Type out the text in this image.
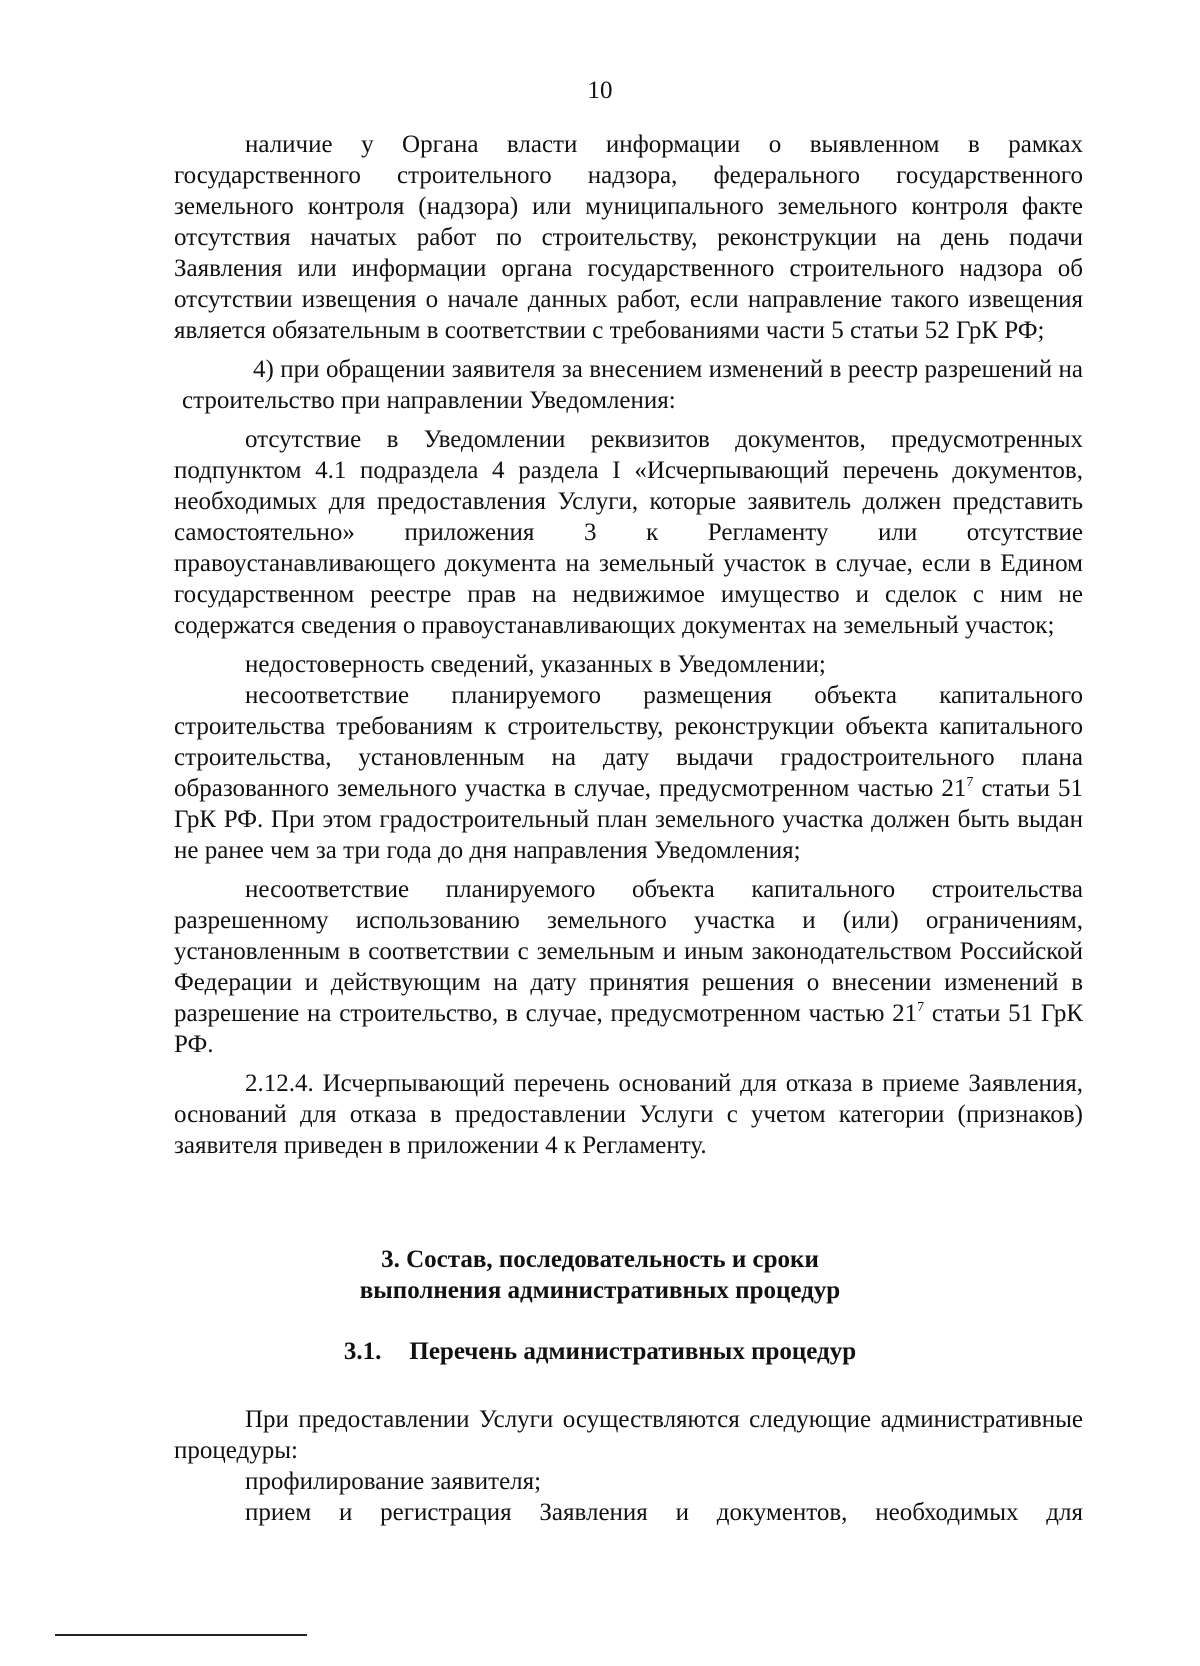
10

наличие у Органа власти информации о выявленном в рамках государственного строительного надзора, федерального государственного земельного контроля (надзора) или муниципального земельного контроля факте отсутствия начатых работ по строительству, реконструкции на день подачи Заявления или информации органа государственного строительного надзора об отсутствии извещения о начале данных работ, если направление такого извещения является обязательным в соответствии с требованиями части 5 статьи 52 ГрК РФ;

4) при обращении заявителя за внесением изменений в реестр разрешений на строительство при направлении Уведомления:

отсутствие в Уведомлении реквизитов документов, предусмотренных подпунктом 4.1 подраздела 4 раздела I «Исчерпывающий перечень документов, необходимых для предоставления Услуги, которые заявитель должен представить самостоятельно» приложения 3 к Регламенту или отсутствие правоустанавливающего документа на земельный участок в случае, если в Едином государственном реестре прав на недвижимое имущество и сделок с ним не содержатся сведения о правоустанавливающих документах на земельный участок;

недостоверность сведений, указанных в Уведомлении;

несоответствие планируемого размещения объекта капитального строительства требованиям к строительству, реконструкции объекта капитального строительства, установленным на дату выдачи градостроительного плана образованного земельного участка в случае, предусмотренном частью $21^7$ статьи 51 ГрК РФ. При этом градостроительный план земельного участка должен быть выдан не ранее чем за три года до дня направления Уведомления;

несоответствие планируемого объекта капитального строительства разрешенному использованию земельного участка и (или) ограничениям, установленным в соответствии с земельным и иным законодательством Российской Федерации и действующим на дату принятия решения о внесении изменений в разрешение на строительство, в случае, предусмотренном частью $21^7$ статьи 51 ГрК РФ.

2.12.4. Исчерпывающий перечень оснований для отказа в приеме Заявления, оснований для отказа в предоставлении Услуги с учетом категории (признаков) заявителя приведен в приложении 4 к Регламенту.

3. Состав, последовательность и сроки
выполнения административных процедур
3.1. Перечень административных процедур

При предоставлении Услуги осуществляются следующие административные процедуры:

профилирование заявителя;

прием и регистрация Заявления и документов, необходимых для
